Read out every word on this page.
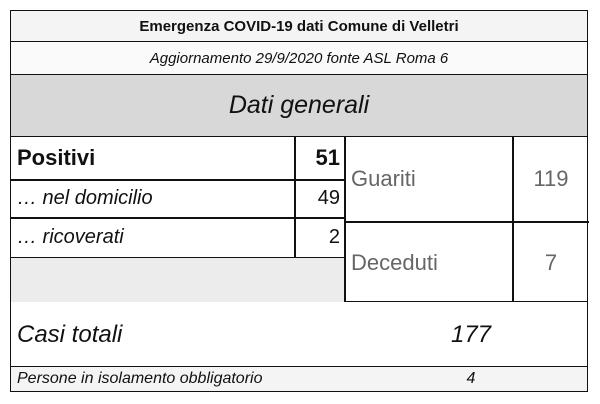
Emergenza COVID-19 dati Comune di Velletri
Aggiornamento 29/9/2020 fonte ASL Roma 6
Dati generali
Positivi	51
… nel domicilio	49
… ricoverati	2
Guariti	119
Deceduti	7
Casi totali	177
Persone in isolamento obbligatorio	4
